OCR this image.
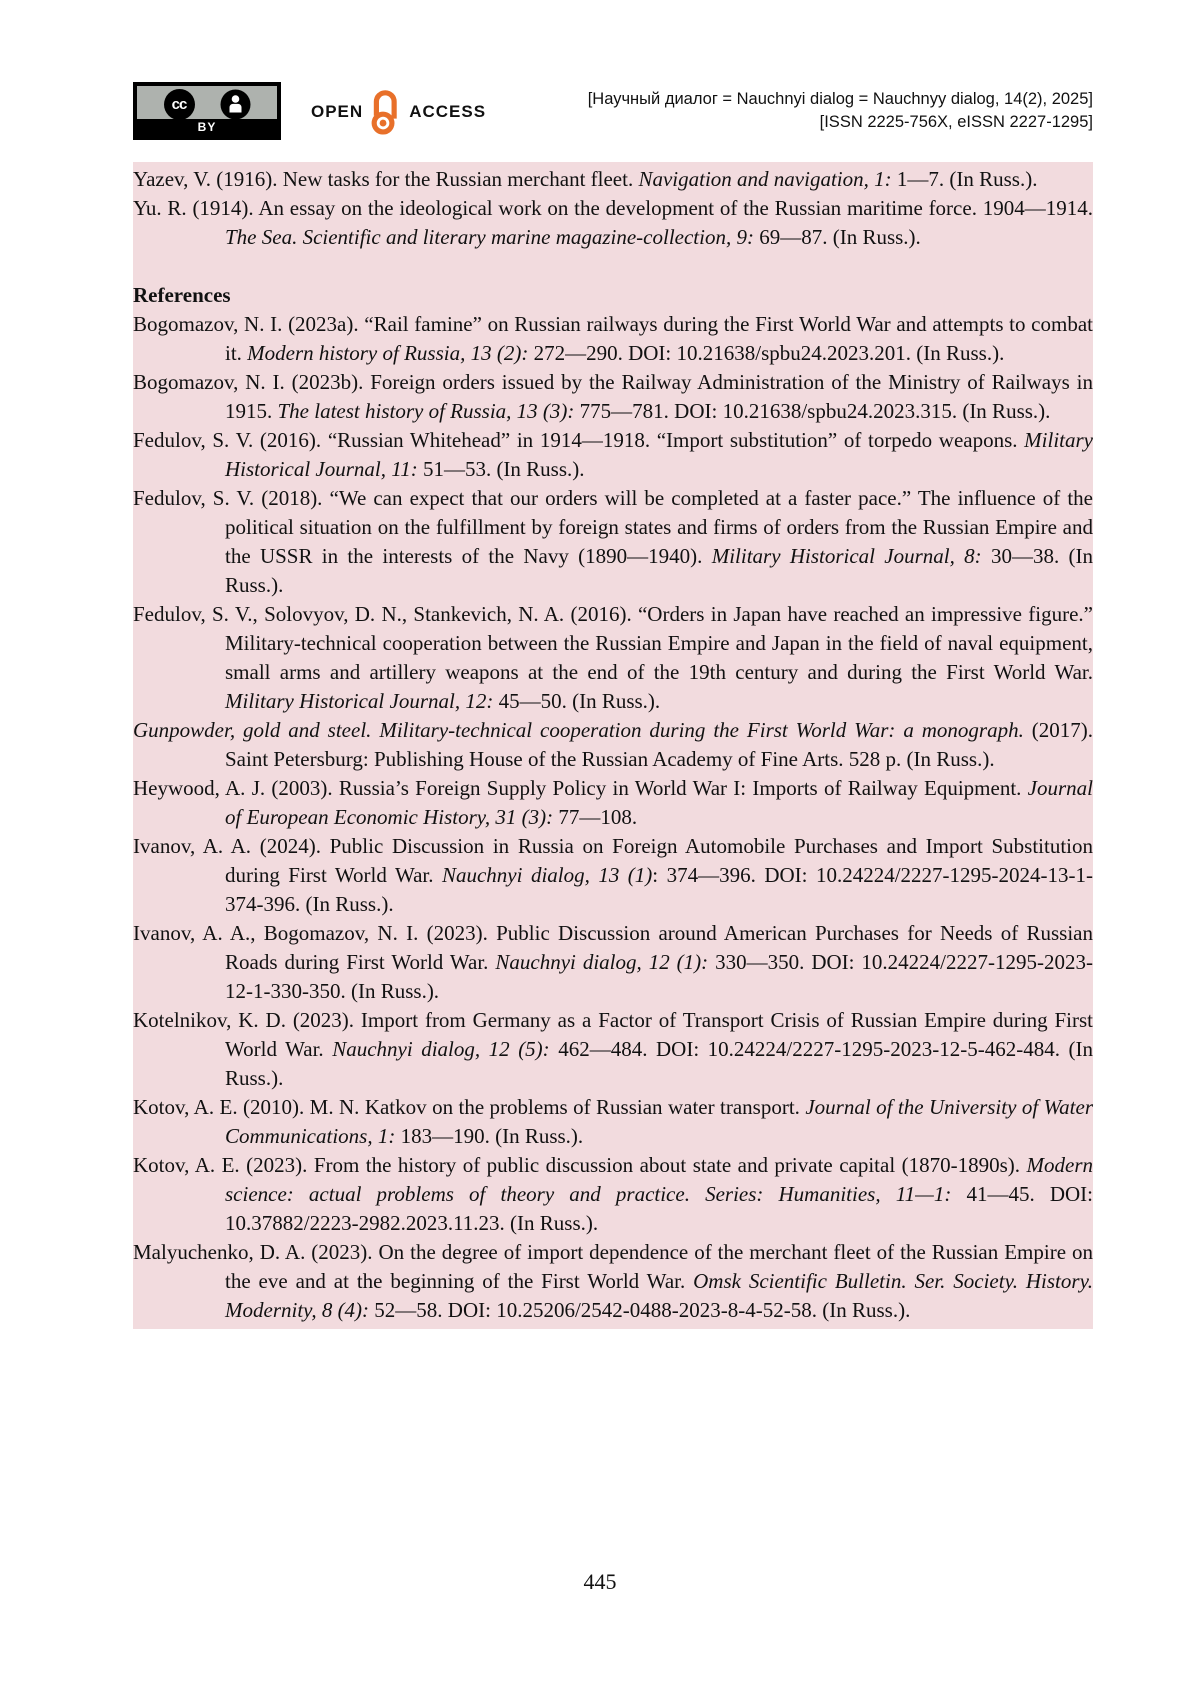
cc
BY
OPEN	ACCESS
[Научный диалог = Nauchnyi dialog = Nauchnyy dialog, 14(2), 2025]
[ISSN 2225-756X, eISSN 2227-1295]

Yazev, V. (1916). New tasks for the Russian merchant fleet. Navigation and navigation, 1: 1—7. (In Russ.).

Yu. R. (1914). An essay on the ideological work on the development of the Russian maritime force. 1904—1914. The Sea. Scientific and literary marine magazine-collection, 9: 69—87. (In Russ.).

References

Bogomazov, N. I. (2023a). “Rail famine” on Russian railways during the First World War and attempts to combat it. Modern history of Russia, 13 (2): 272—290. DOI: 10.21638/spbu24.2023.201. (In Russ.).

Bogomazov, N. I. (2023b). Foreign orders issued by the Railway Administration of the Ministry of Railways in 1915. The latest history of Russia, 13 (3): 775—781. DOI: 10.21638/spbu24.2023.315. (In Russ.).

Fedulov, S. V. (2016). “Russian Whitehead” in 1914—1918. “Import substitution” of torpedo weapons. Military Historical Journal, 11: 51—53. (In Russ.).

Fedulov, S. V. (2018). “We can expect that our orders will be completed at a faster pace.” The influence of the political situation on the fulfillment by foreign states and firms of orders from the Russian Empire and the USSR in the interests of the Navy (1890—1940). Military Historical Journal, 8: 30—38. (In Russ.).

Fedulov, S. V., Solovyov, D. N., Stankevich, N. A. (2016). “Orders in Japan have reached an impressive figure.” Military-technical cooperation between the Russian Empire and Japan in the field of naval equipment, small arms and artillery weapons at the end of the 19th century and during the First World War. Military Historical Journal, 12: 45—50. (In Russ.).

Gunpowder, gold and steel. Military-technical cooperation during the First World War: a monograph. (2017). Saint Petersburg: Publishing House of the Russian Academy of Fine Arts. 528 p. (In Russ.).

Heywood, A. J. (2003). Russia’s Foreign Supply Policy in World War I: Imports of Railway Equipment. Journal of European Economic History, 31 (3): 77—108.

Ivanov, A. A. (2024). Public Discussion in Russia on Foreign Automobile Purchases and Import Substitution during First World War. Nauchnyi dialog, 13 (1): 374—396. DOI: 10.24224/2227-1295-2024-13-1-374-396. (In Russ.).

Ivanov, A. A., Bogomazov, N. I. (2023). Public Discussion around American Purchases for Needs of Russian Roads during First World War. Nauchnyi dialog, 12 (1): 330—350. DOI: 10.24224/2227-1295-2023-12-1-330-350. (In Russ.).

Kotelnikov, K. D. (2023). Import from Germany as a Factor of Transport Crisis of Russian Empire during First World War. Nauchnyi dialog, 12 (5): 462—484. DOI: 10.24224/2227-1295-2023-12-5-462-484. (In Russ.).

Kotov, A. E. (2010). M. N. Katkov on the problems of Russian water transport. Journal of the University of Water Communications, 1: 183—190. (In Russ.).

Kotov, A. E. (2023). From the history of public discussion about state and private capital (1870-1890s). Modern science: actual problems of theory and practice. Series: Humanities, 11—1: 41—45. DOI: 10.37882/2223-2982.2023.11.23. (In Russ.).

Malyuchenko, D. A. (2023). On the degree of import dependence of the merchant fleet of the Russian Empire on the eve and at the beginning of the First World War. Omsk Scientific Bulletin. Ser. Society. History. Modernity, 8 (4): 52—58. DOI: 10.25206/2542-0488-2023-8-4-52-58. (In Russ.).

445
